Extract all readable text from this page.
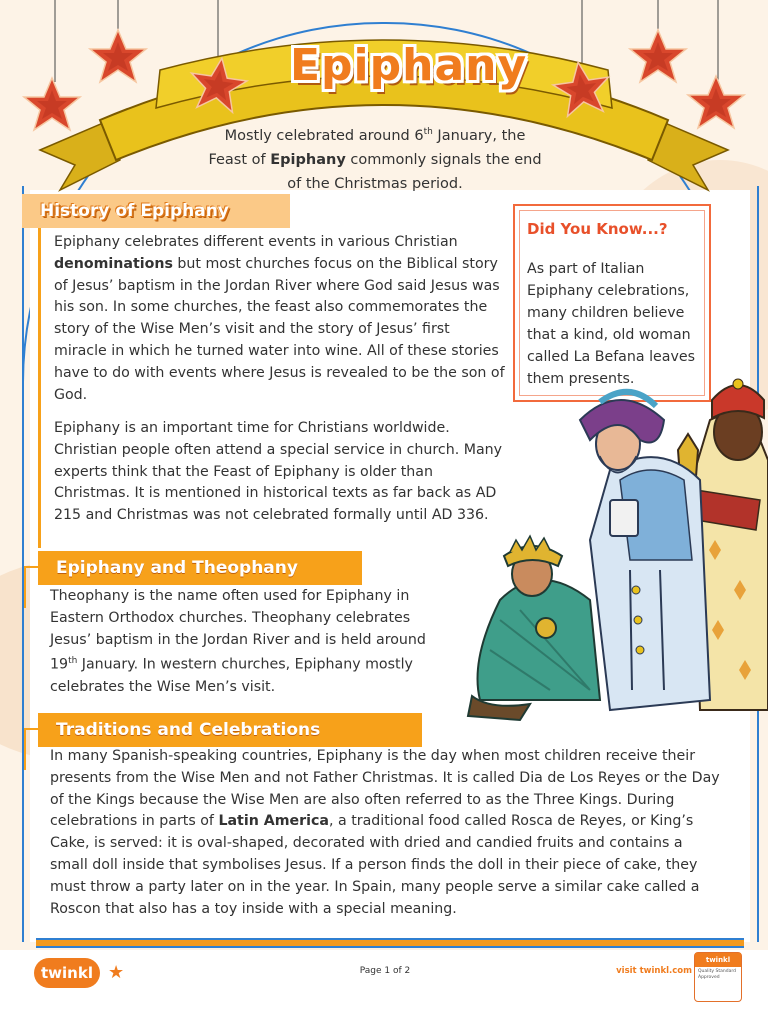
Epiphany
Mostly celebrated around 6th January, the
Feast of Epiphany commonly signals the end
of the Christmas period.
History of Epiphany
Epiphany celebrates different events in various Christian denominations but most churches focus on the Biblical story of Jesus’ baptism in the Jordan River where God said Jesus was his son. In some churches, the feast also commemorates the story of the Wise Men’s visit and the story of Jesus’ first miracle in which he turned water into wine. All of these stories have to do with events where Jesus is revealed to be the son of God.
Epiphany is an important time for Christians worldwide. Christian people often attend a special service in church. Many experts think that the Feast of Epiphany is older than Christmas. It is mentioned in historical texts as far back as AD 215 and Christmas was not celebrated formally until AD 336.
Did You Know...?
As part of Italian Epiphany celebrations, many children believe that a kind, old woman called La Befana leaves them presents.
Epiphany and Theophany
Theophany is the name often used for Epiphany in Eastern Orthodox churches. Theophany celebrates Jesus’ baptism in the Jordan River and is held around 19th January. In western churches, Epiphany mostly celebrates the Wise Men’s visit.
Traditions and Celebrations
In many Spanish-speaking countries, Epiphany is the day when most children receive their presents from the Wise Men and not Father Christmas. It is called Dia de Los Reyes or the Day of the Kings because the Wise Men are also often referred to as the Three Kings. During celebrations in parts of Latin America, a traditional food called Rosca de Reyes, or King’s Cake, is served: it is oval-shaped, decorated with dried and candied fruits and contains a small doll inside that symbolises Jesus. If a person finds the doll in their piece of cake, they must throw a party later on in the year. In Spain, many people serve a similar cake called a Roscon that also has a toy inside with a special meaning.
twinkl ★	Page 1 of 2	visit twinkl.com
twinkl
Quality Standard Approved
